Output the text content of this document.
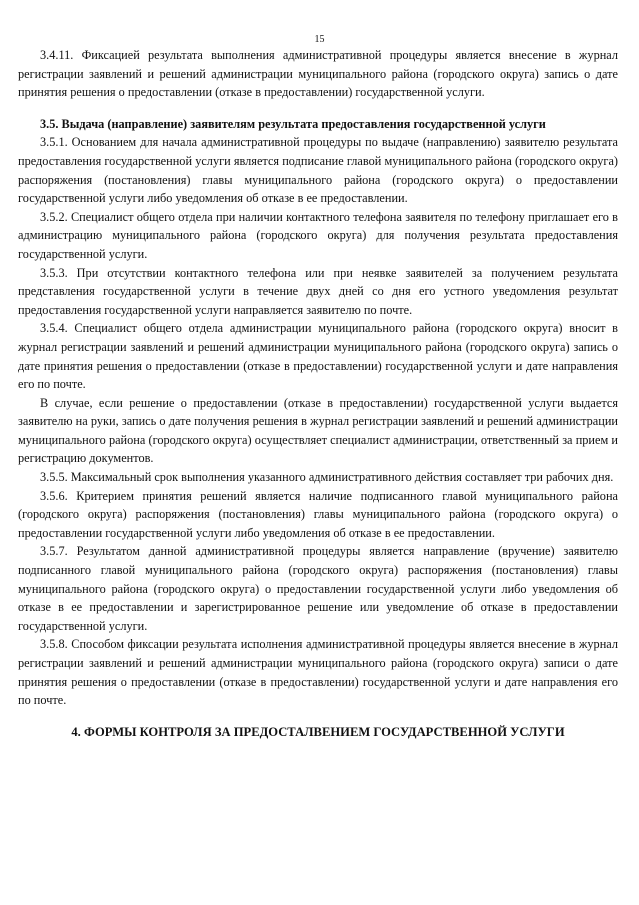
15

3.4.11. Фиксацией результата выполнения административной процедуры является внесение в журнал регистрации заявлений и решений администрации муниципального района (городского округа) запись о дате принятия решения о предоставлении (отказе в предоставлении) государственной услуги.

3.5. Выдача (направление) заявителям результата предоставления государственной услуги

3.5.1. Основанием для начала административной процедуры по выдаче (направлению) заявителю результата предоставления государственной услуги является подписание главой муниципального района (городского округа) распоряжения (постановления) главы муниципального района (городского округа) о предоставлении государственной услуги либо уведомления об отказе в ее предоставлении.

3.5.2. Специалист общего отдела при наличии контактного телефона заявителя по телефону приглашает его в администрацию муниципального района (городского округа) для получения результата предоставления государственной услуги.

3.5.3. При отсутствии контактного телефона или при неявке заявителей за получением результата представления государственной услуги в течение двух дней со дня его устного уведомления результат предоставления государственной услуги направляется заявителю по почте.

3.5.4. Специалист общего отдела администрации муниципального района (городского округа) вносит в журнал регистрации заявлений и решений администрации муниципального района (городского округа) запись о дате принятия решения о предоставлении (отказе в предоставлении) государственной услуги и дате направления его по почте.

В случае, если решение о предоставлении (отказе в предоставлении) государственной услуги выдается заявителю на руки, запись о дате получения решения в журнал регистрации заявлений и решений администрации муниципального района (городского округа) осуществляет специалист администрации, ответственный за прием и регистрацию документов.

3.5.5. Максимальный срок выполнения указанного административного действия составляет три рабочих дня.

3.5.6. Критерием принятия решений является наличие подписанного главой муниципального района (городского округа) распоряжения (постановления) главы муниципального района (городского округа) о предоставлении государственной услуги либо уведомления об отказе в ее предоставлении.

3.5.7. Результатом данной административной процедуры является направление (вручение) заявителю подписанного главой муниципального района (городского округа) распоряжения (постановления) главы муниципального района (городского округа) о предоставлении государственной услуги либо уведомления об отказе в ее предоставлении и зарегистрированное решение или уведомление об отказе в предоставлении государственной услуги.

3.5.8. Способом фиксации результата исполнения административной процедуры является внесение в журнал регистрации заявлений и решений администрации муниципального района (городского округа) записи о дате принятия решения о предоставлении (отказе в предоставлении) государственной услуги и дате направления его по почте.

4. ФОРМЫ КОНТРОЛЯ ЗА ПРЕДОСТАЛВЕНИЕМ ГОСУДАРСТВЕННОЙ УСЛУГИ
